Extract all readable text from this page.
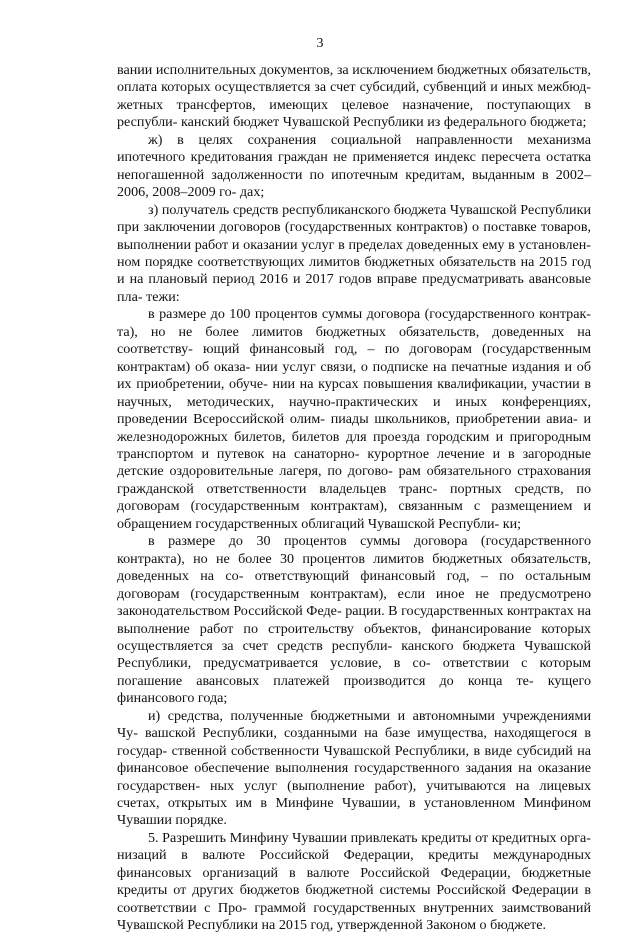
3

вании исполнительных документов, за исключением бюджетных обязательств, оплата которых осуществляется за счет субсидий, субвенций и иных межбюд- жетных трансфертов, имеющих целевое назначение, поступающих в республи- канский бюджет Чувашской Республики из федерального бюджета;

ж) в целях сохранения социальной направленности механизма ипотечного кредитования граждан не применяется индекс пересчета остатка непогашенной задолженности по ипотечным кредитам, выданным в 2002–2006, 2008–2009 го- дах;

з) получатель средств республиканского бюджета Чувашской Республики при заключении договоров (государственных контрактов) о поставке товаров, выполнении работ и оказании услуг в пределах доведенных ему в установлен- ном порядке соответствующих лимитов бюджетных обязательств на 2015 год и на плановый период 2016 и 2017 годов вправе предусматривать авансовые пла- тежи:

в размере до 100 процентов суммы договора (государственного контрак- та), но не более лимитов бюджетных обязательств, доведенных на соответству- ющий финансовый год, – по договорам (государственным контрактам) об оказа- нии услуг связи, о подписке на печатные издания и об их приобретении, обуче- нии на курсах повышения квалификации, участии в научных, методических, научно-практических и иных конференциях, проведении Всероссийской олим- пиады школьников, приобретении авиа- и железнодорожных билетов, билетов для проезда городским и пригородным транспортом и путевок на санаторно- курортное лечение и в загородные детские оздоровительные лагеря, по догово- рам обязательного страхования гражданской ответственности владельцев транс- портных средств, по договорам (государственным контрактам), связанным с размещением и обращением государственных облигаций Чувашской Республи- ки;

в размере до 30 процентов суммы договора (государственного контракта), но не более 30 процентов лимитов бюджетных обязательств, доведенных на со- ответствующий финансовый год, – по остальным договорам (государственным контрактам), если иное не предусмотрено законодательством Российской Феде- рации. В государственных контрактах на выполнение работ по строительству объектов, финансирование которых осуществляется за счет средств республи- канского бюджета Чувашской Республики, предусматривается условие, в со- ответствии с которым погашение авансовых платежей производится до конца те- кущего финансового года;

и) средства, полученные бюджетными и автономными учреждениями Чу- вашской Республики, созданными на базе имущества, находящегося в государ- ственной собственности Чувашской Республики, в виде субсидий на финансовое обеспечение выполнения государственного задания на оказание государствен- ных услуг (выполнение работ), учитываются на лицевых счетах, открытых им в Минфине Чувашии, в установленном Минфином Чувашии порядке.

5. Разрешить Минфину Чувашии привлекать кредиты от кредитных орга- низаций в валюте Российской Федерации, кредиты международных финансовых организаций в валюте Российской Федерации, бюджетные кредиты от других бюджетов бюджетной системы Российской Федерации в соответствии с Про- граммой государственных внутренних заимствований Чувашской Республики на 2015 год, утвержденной Законом о бюджете.
